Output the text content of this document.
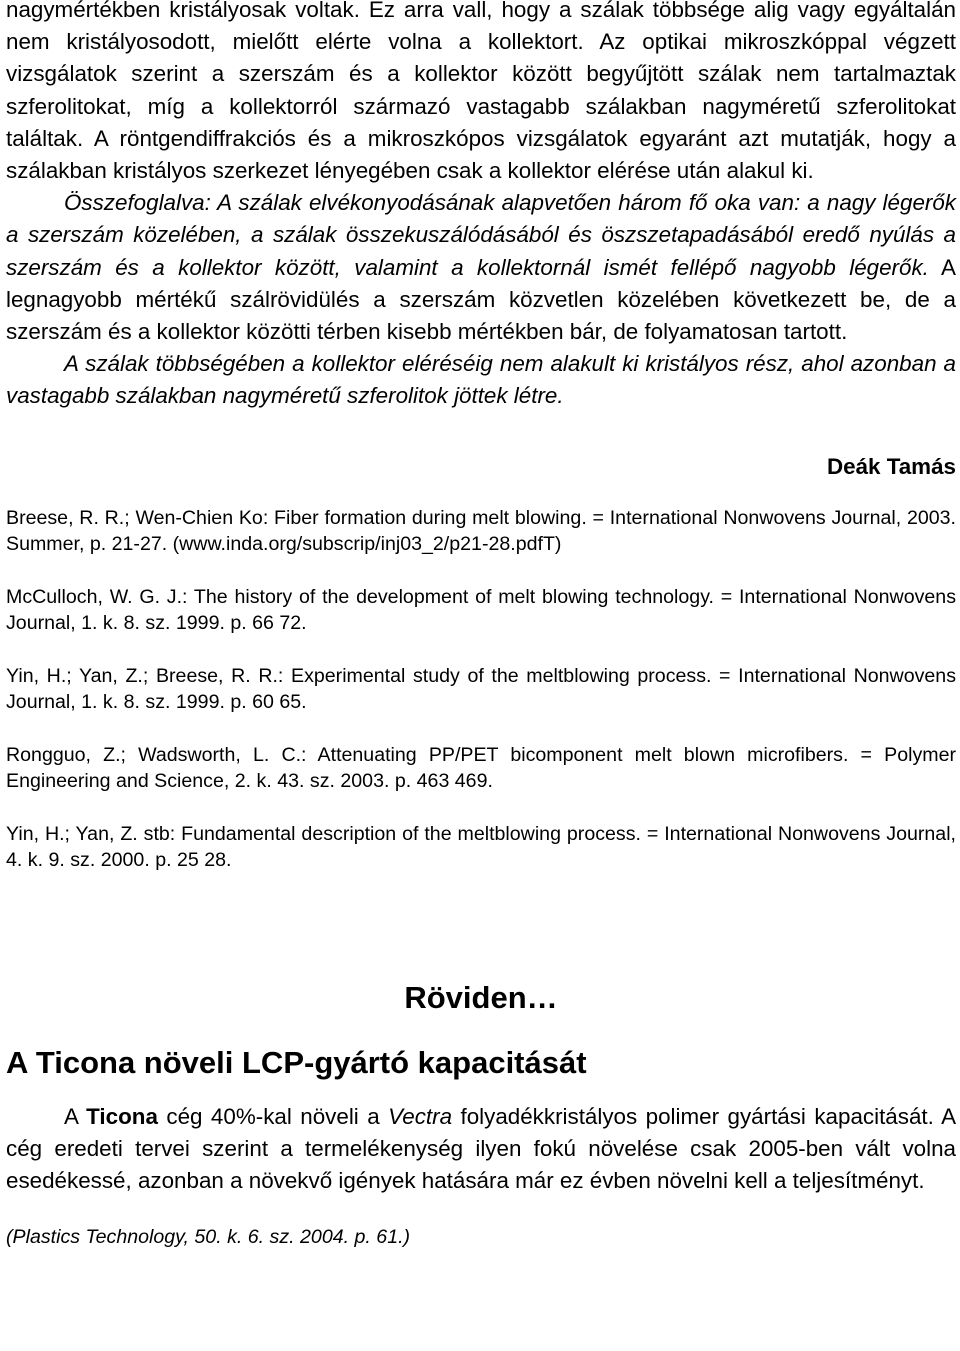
nagymértékben kristályosak voltak. Ez arra vall, hogy a szálak többsége alig vagy egyáltalán nem kristályosodott, mielőtt elérte volna a kollektort. Az optikai mikroszkóppal végzett vizsgálatok szerint a szerszám és a kollektor között begyűjtött szálak nem tartalmaztak szferolitokat, míg a kollektorról származó vastagabb szálakban nagyméretű szferolitokat találtak. A röntgendiffrakciós és a mikroszkópos vizsgálatok egyaránt azt mutatják, hogy a szálakban kristályos szerkezet lényegében csak a kollektor elérése után alakul ki.

Összefoglalva: A szálak elvékonyodásának alapvetően három fő oka van: a nagy légerők a szerszám közelében, a szálak összekuszálódásából és öszszetapadásából eredő nyúlás a szerszám és a kollektor között, valamint a kollektornál ismét fellépő nagyobb légerők. A legnagyobb mértékű szálrövidülés a szerszám közvetlen közelében következett be, de a szerszám és a kollektor közötti térben kisebb mértékben bár, de folyamatosan tartott.

A szálak többségében a kollektor eléréséig nem alakult ki kristályos rész, ahol azonban a vastagabb szálakban nagyméretű szferolitok jöttek létre.

Deák Tamás

Breese, R. R.; Wen-Chien Ko: Fiber formation during melt blowing. = International Nonwovens Journal, 2003. Summer, p. 21-27. (www.inda.org/subscrip/inj03_2/p21-28.pdfT)

McCulloch, W. G. J.: The history of the development of melt blowing technology. = International Nonwovens Journal, 1. k. 8. sz. 1999. p. 66 72.

Yin, H.; Yan, Z.; Breese, R. R.: Experimental study of the meltblowing process. = International Nonwovens Journal, 1. k. 8. sz. 1999. p. 60 65.

Rongguo, Z.; Wadsworth, L. C.: Attenuating PP/PET bicomponent melt blown microfibers. = Polymer Engineering and Science, 2. k. 43. sz. 2003. p. 463 469.

Yin, H.; Yan, Z. stb: Fundamental description of the meltblowing process. = International Nonwovens Journal, 4. k. 9. sz. 2000. p. 25 28.

Röviden…
A Ticona növeli LCP-gyártó kapacitását

A Ticona cég 40%-kal növeli a Vectra folyadékkristályos polimer gyártási kapacitását. A cég eredeti tervei szerint a termelékenység ilyen fokú növelése csak 2005-ben vált volna esedékessé, azonban a növekvő igények hatására már ez évben növelni kell a teljesítményt.

(Plastics Technology, 50. k. 6. sz. 2004. p. 61.)
